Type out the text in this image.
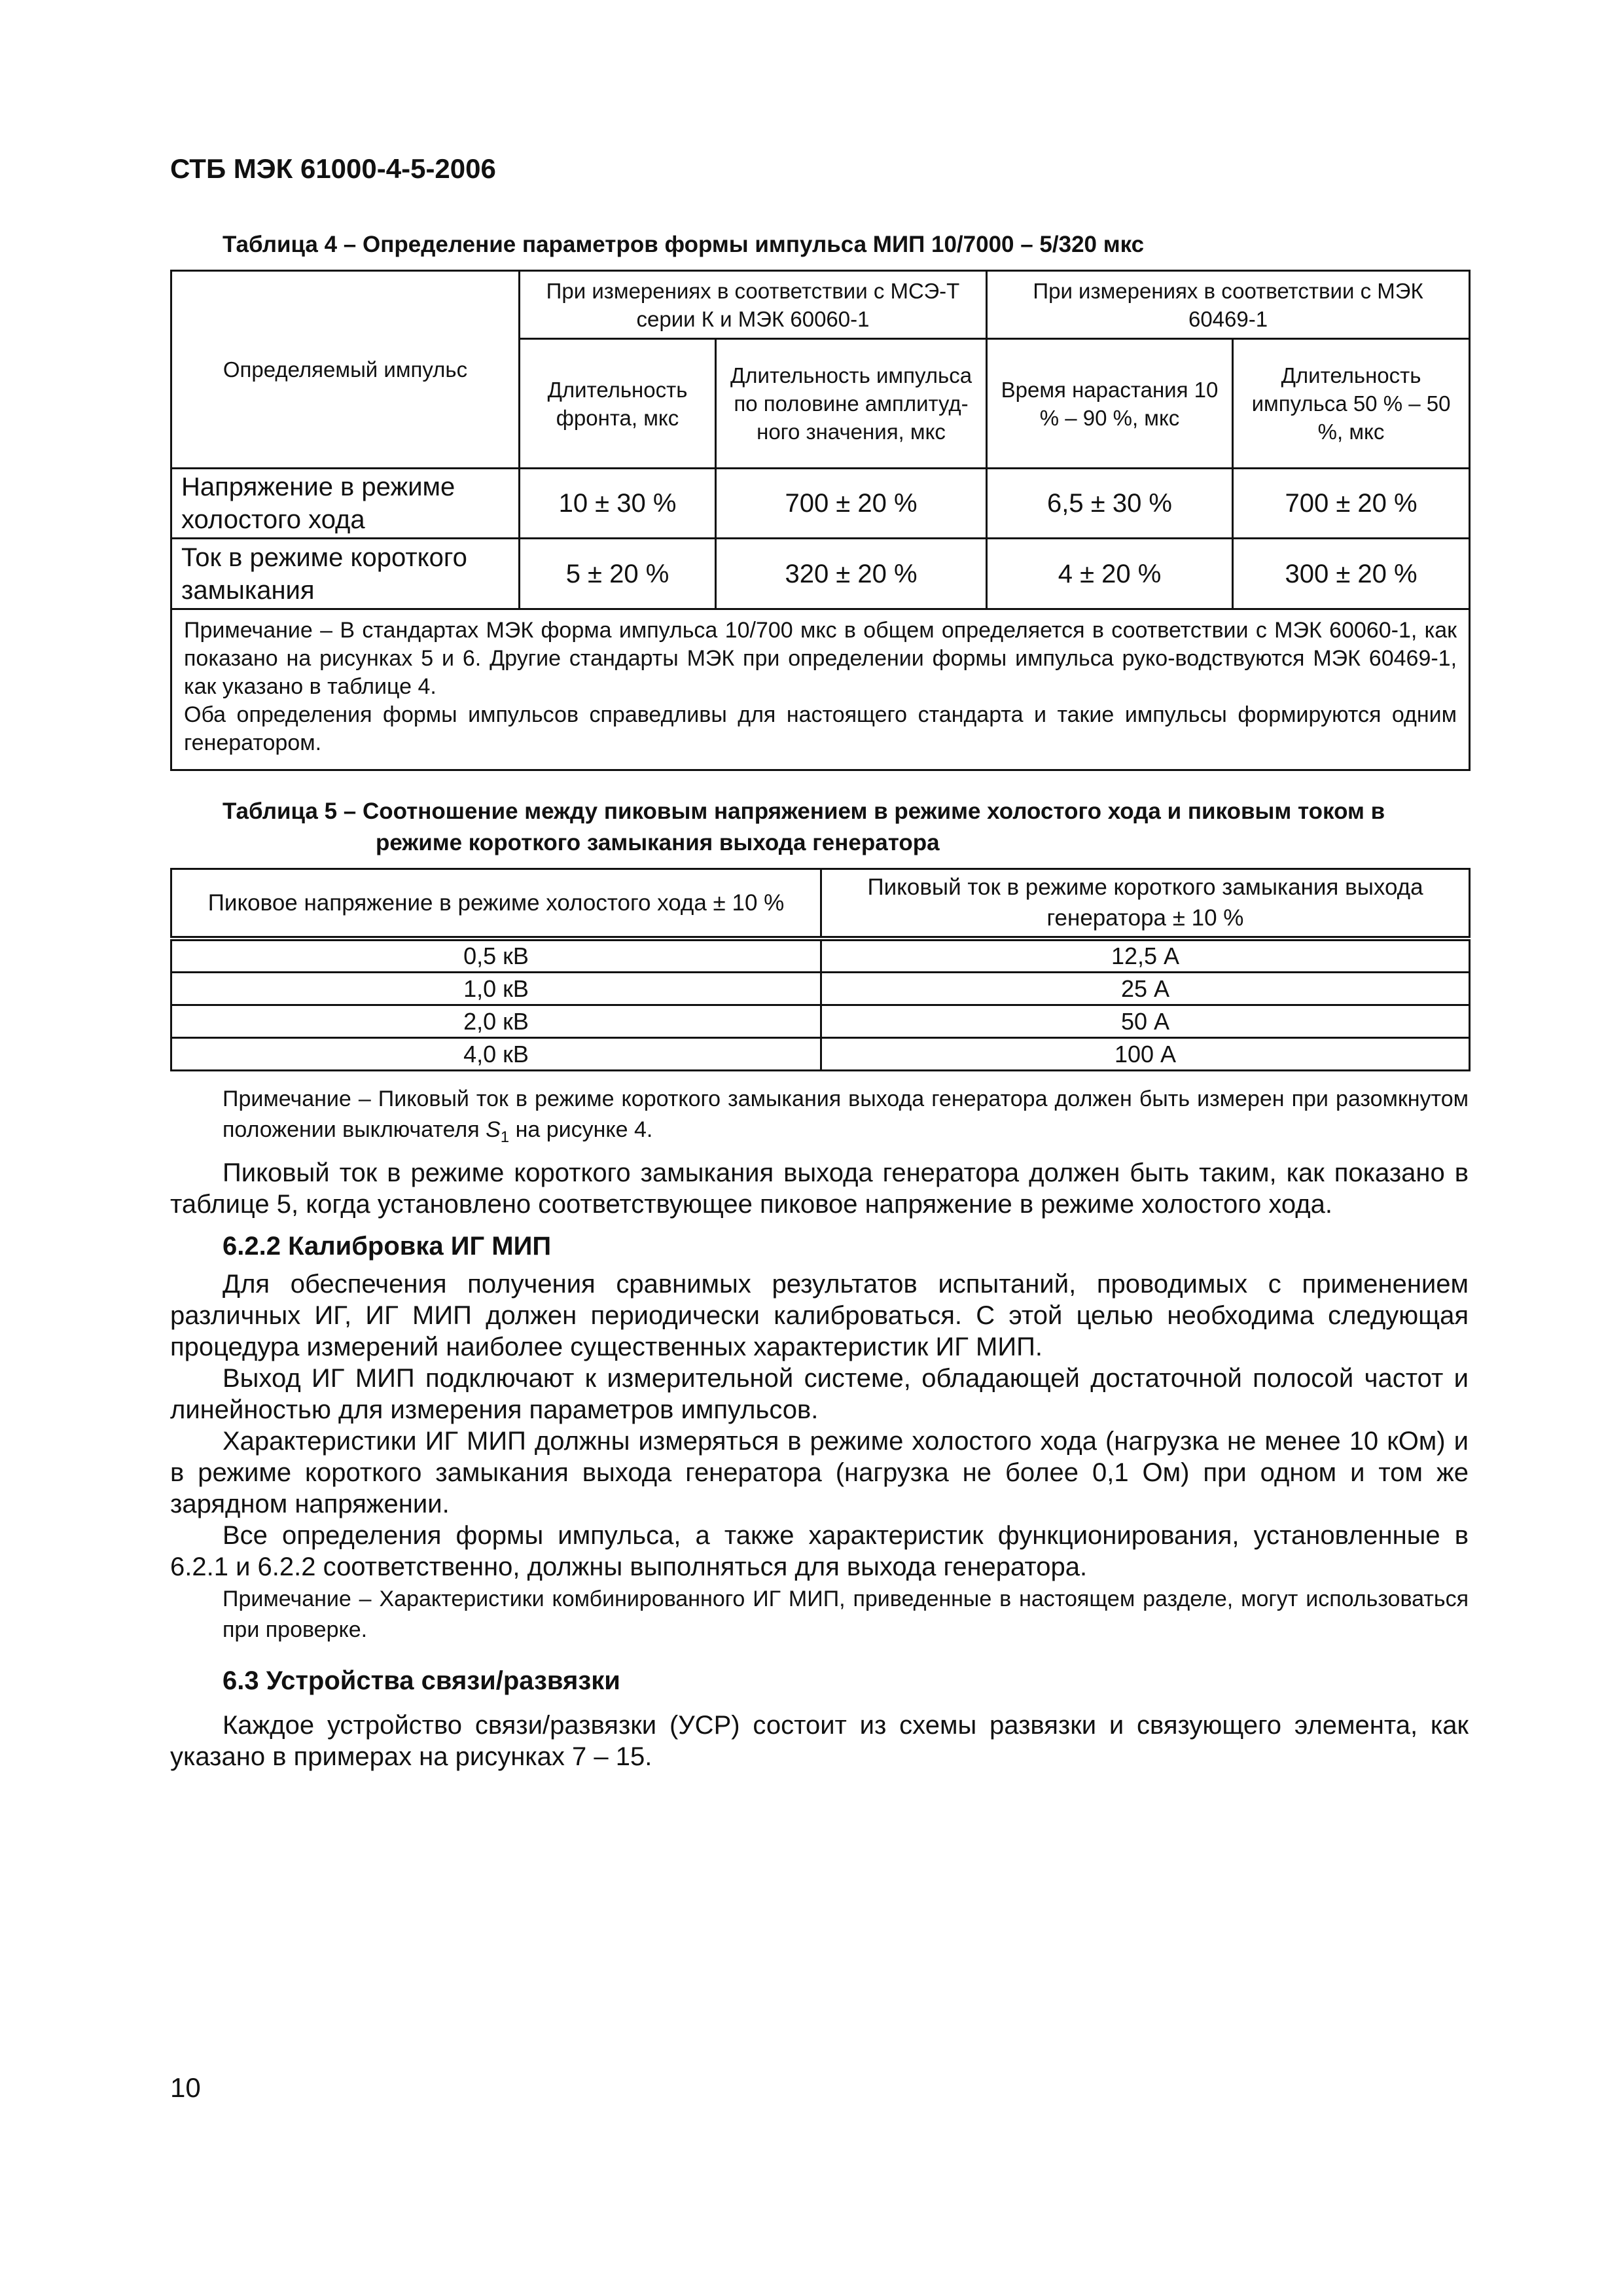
СТБ МЭК 61000-4-5-2006
Таблица 4 – Определение параметров формы импульса МИП 10/7000 – 5/320 мкс
Определяемый импульс	При измерениях в соответствии с МСЭ-Т серии К и МЭК 60060-1		При измерениях в соответствии с МЭК 60469-1	
	Длительность фронта, мкс	Длительность импульса по половине амплитуд-ного значения, мкс	Время нарастания 10 % – 90 %, мкс	Длительность импульса 50 % – 50 %, мкс
Напряжение в режиме холостого хода	10 ± 30 %	700 ± 20 %	6,5 ± 30 %	700 ± 20 %
Ток в режиме короткого замыкания	5 ± 20 %	320 ± 20 %	4 ± 20 %	300 ± 20 %

Примечание – В стандартах МЭК форма импульса 10/700 мкс в общем определяется в соответствии с МЭК 60060-1, как показано на рисунках 5 и 6. Другие стандарты МЭК при определении формы импульса руко-водствуются МЭК 60469-1, как указано в таблице 4.

Оба определения формы импульсов справедливы для настоящего стандарта и такие импульсы формируются одним генератором.				

Таблица 5 – Соотношение между пиковым напряжением в режиме холостого хода и пиковым током в
режиме короткого замыкания выхода генератора
Пиковое напряжение в режиме холостого хода ± 10 %	Пиковый ток в режиме короткого замыкания выхода генератора ± 10 %
0,5 кВ	12,5 А
1,0 кВ	25 А
2,0 кВ	50 А
4,0 кВ	100 А
Примечание – Пиковый ток в режиме короткого замыкания выхода генератора должен быть измерен при разомкнутом положении выключателя $S_1$ на рисунке 4.

Пиковый ток в режиме короткого замыкания выхода генератора должен быть таким, как показано в таблице 5, когда установлено соответствующее пиковое напряжение в режиме холостого хода.

6.2.2 Калибровка ИГ МИП

Для обеспечения получения сравнимых результатов испытаний, проводимых с применением различных ИГ, ИГ МИП должен периодически калиброваться. С этой целью необходима следующая процедура измерений наиболее существенных характеристик ИГ МИП.

Выход ИГ МИП подключают к измерительной системе, обладающей достаточной полосой частот и линейностью для измерения параметров импульсов.

Характеристики ИГ МИП должны измеряться в режиме холостого хода (нагрузка не менее 10 кОм) и в режиме короткого замыкания выхода генератора (нагрузка не более 0,1 Ом) при одном и том же зарядном напряжении.

Все определения формы импульса, а также характеристик функционирования, установленные в 6.2.1 и 6.2.2 соответственно, должны выполняться для выхода генератора.

Примечание – Характеристики комбинированного ИГ МИП, приведенные в настоящем разделе, могут использоваться при проверке.
6.3 Устройства связи/развязки

Каждое устройство связи/развязки (УСР) состоит из схемы развязки и связующего элемента, как указано в примерах на рисунках 7 – 15.

10
